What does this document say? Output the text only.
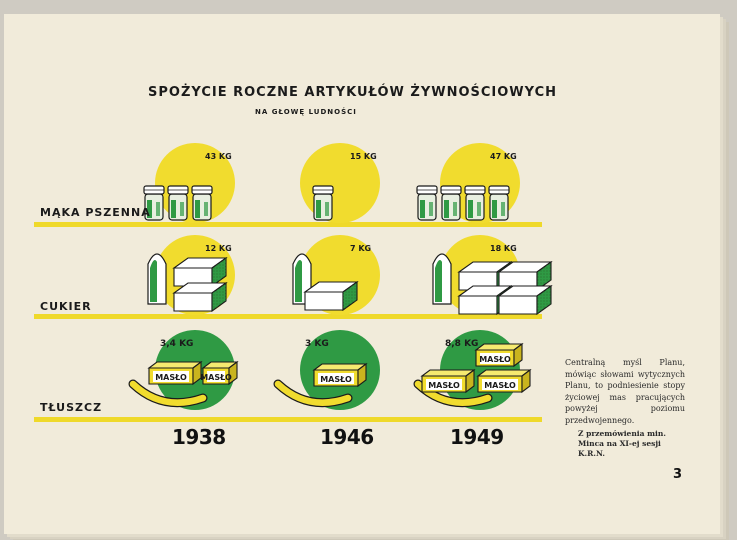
MASŁO MASŁO	MASŁO
MASŁO
MASŁO
MASŁO
43 KG	15 KG	47 KG
12 KG	7 KG	18 KG
3,4 KG	3 KG	8,8 KG
SPOŻYCIE ROCZNE ARTYKUŁÓW ŻYWNOŚCIOWYCH
NA GŁOWĘ LUDNOŚCI
MĄKA PSZENNA
CUKIER
TŁUSZCZ
1938	1946	1949
Centralną myśl Planu, mówiąc słowami wytycznych Planu, to podniesienie stopy życiowej mas pracujących powyżej poziomu przedwojennego.
Z przemówienia min. Minca na XI-ej sesji K.R.N.
3
